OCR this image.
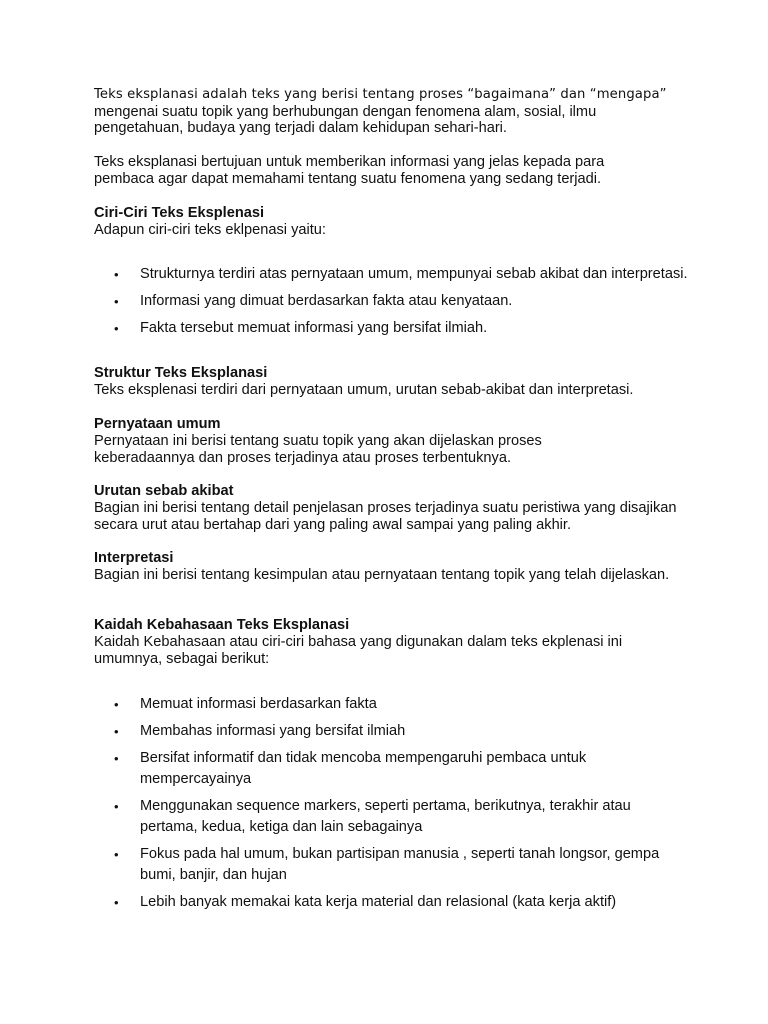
Teks eksplanasi adalah teks yang berisi tentang proses “bagaimana” dan “mengapa”

mengenai suatu topik yang berhubungan dengan fenomena alam, sosial, ilmu pengetahuan, budaya yang terjadi dalam kehidupan sehari-hari.

Teks eksplanasi bertujuan untuk memberikan informasi yang jelas kepada para pembaca agar dapat memahami tentang suatu fenomena yang sedang terjadi.

Ciri-Ciri Teks Eksplenasi

Adapun ciri-ciri teks eklpenasi yaitu:

• Strukturnya terdiri atas pernyataan umum, mempunyai sebab akibat dan interpretasi.
• Informasi yang dimuat berdasarkan fakta atau kenyataan.
• Fakta tersebut memuat informasi yang bersifat ilmiah.
Struktur Teks Eksplanasi

Teks eksplenasi terdiri dari pernyataan umum, urutan sebab-akibat dan interpretasi.

Pernyataan umum

Pernyataan ini berisi tentang suatu topik yang akan dijelaskan proses keberadaannya dan proses terjadinya atau proses terbentuknya.

Urutan sebab akibat

Bagian ini berisi tentang detail penjelasan proses terjadinya suatu peristiwa yang disajikan secara urut atau bertahap dari yang paling awal sampai yang paling akhir.

Interpretasi

Bagian ini berisi tentang kesimpulan atau pernyataan tentang topik yang telah dijelaskan.

Kaidah Kebahasaan Teks Eksplanasi

Kaidah Kebahasaan atau ciri-ciri bahasa yang digunakan dalam teks ekplenasi ini umumnya, sebagai berikut:

• Memuat informasi berdasarkan fakta
• Membahas informasi yang bersifat ilmiah
• Bersifat informatif dan tidak mencoba mempengaruhi pembaca untuk mempercayainya
• Menggunakan sequence markers, seperti pertama, berikutnya, terakhir atau pertama, kedua, ketiga dan lain sebagainya
• Fokus pada hal umum, bukan partisipan manusia , seperti tanah longsor, gempa bumi, banjir, dan hujan
• Lebih banyak memakai kata kerja material dan relasional (kata kerja aktif)
